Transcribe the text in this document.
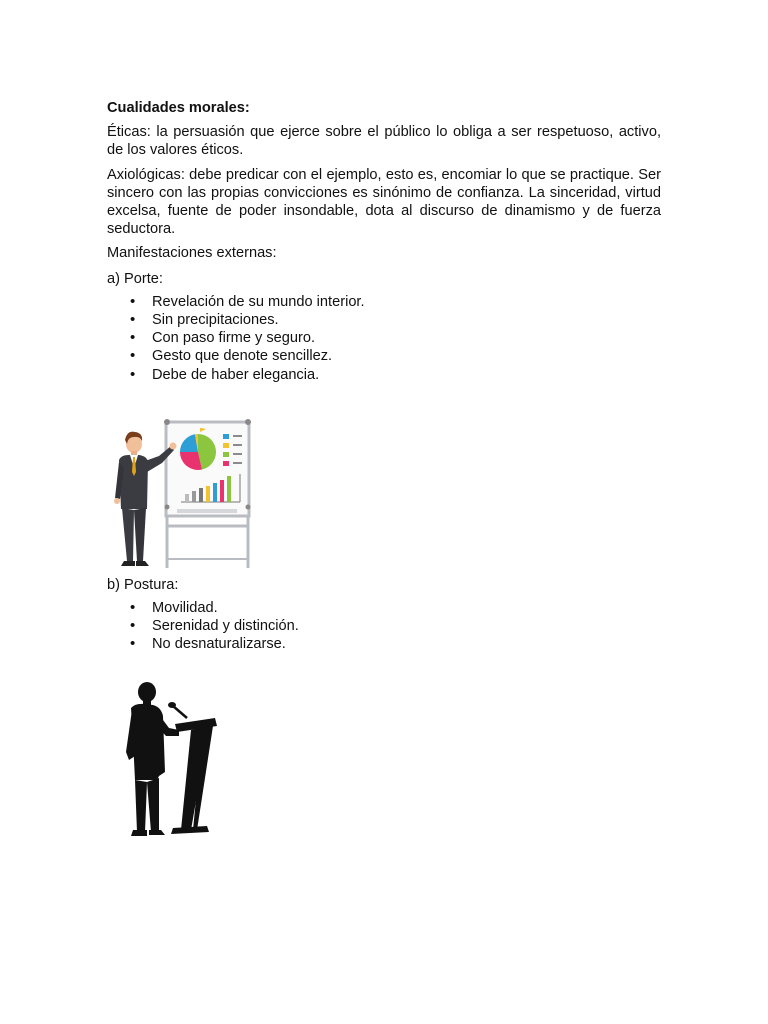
Cualidades morales:

Éticas: la persuasión que ejerce sobre el público lo obliga a ser respetuoso, activo, de los valores éticos.

Axiológicas: debe predicar con el ejemplo, esto es, encomiar lo que se practique. Ser sincero con las propias convicciones es sinónimo de confianza. La sinceridad, virtud excelsa, fuente de poder insondable, dota al discurso de dinamismo y de fuerza seductora.

Manifestaciones externas:

a) Porte:

• Revelación de su mundo interior.
• Sin precipitaciones.
• Con paso firme y seguro.
• Gesto que denote sencillez.
• Debe de haber elegancia.

b) Postura:

• Movilidad.
• Serenidad y distinción.
• No desnaturalizarse.
